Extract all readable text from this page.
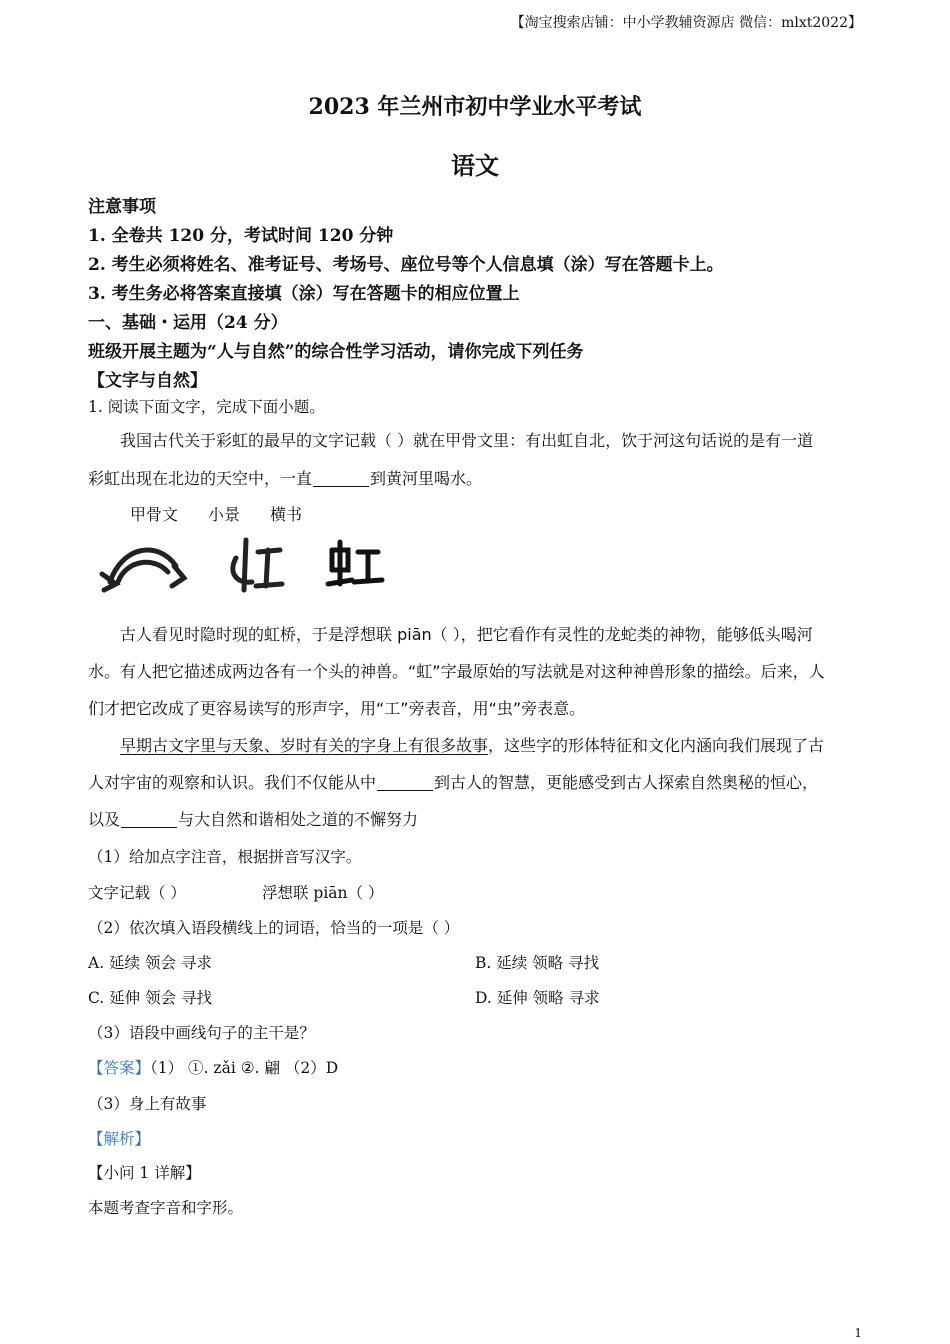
【淘宝搜索店铺：中小学教辅资源店 微信：mlxt2022】
2023 年兰州市初中学业水平考试
语文
注意事项
1. 全卷共 120 分，考试时间 120 分钟
2. 考生必须将姓名、准考证号、考场号、座位号等个人信息填（涂）写在答题卡上。
3. 考生务必将答案直接填（涂）写在答题卡的相应位置上
一、基础・运用（24 分）
班级开展主题为“人与自然”的综合性学习活动，请你完成下列任务
【文字与自然】
1. 阅读下面文字，完成下面小题。
我国古代关于彩虹的最早的文字记载（ ）就在甲骨文里：有出虹自北，饮于河这句话说的是有一道
彩虹出现在北边的天空中，一直	到黄河里喝水。
甲骨文 小景 横书
古人看见时隐时现的虹桥，于是浮想联 piān（ ），把它看作有灵性的龙蛇类的神物，能够低头喝河
水。有人把它描述成两边各有一个头的神兽。“虹”字最原始的写法就是对这种神兽形象的描绘。后来，人
们才把它改成了更容易读写的形声字，用“工”旁表音，用“虫”旁表意。
早期古文字里与天象、岁时有关的字身上有很多故事，这些字的形体特征和文化内涵向我们展现了古
人对宇宙的观察和认识。我们不仅能从中	到古人的智慧，更能感受到古人探索自然奥秘的恒心，
以及	与大自然和谐相处之道的不懈努力
（1）给加点字注音，根据拼音写汉字。
文字记载（ ）	浮想联 piān（ ）
（2）依次填入语段横线上的词语，恰当的一项是（ ）
A. 延续 领会 寻求	B. 延续 领略 寻找
C. 延伸 领会 寻找	D. 延伸 领略 寻求
（3）语段中画线句子的主干是？
【答案】（1） ①. zǎi ②. 翩 （2）D
（3）身上有故事
【解析】
【小问 1 详解】
本题考查字音和字形。
1
